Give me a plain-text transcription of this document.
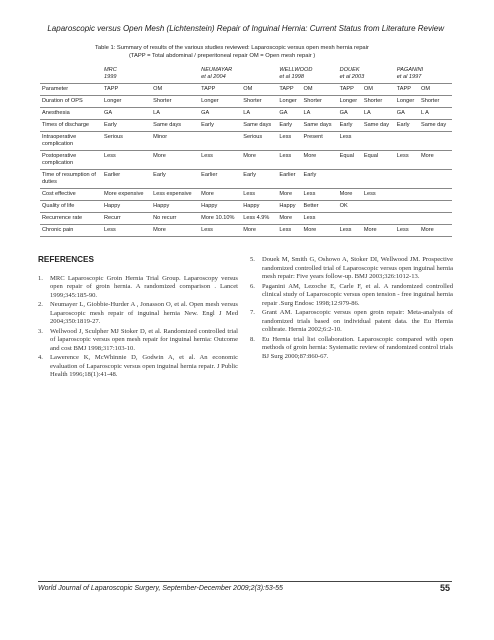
Laparoscopic versus Open Mesh (Lichtenstein) Repair of Inguinal Hernia: Current Status from Literature Review
Table 1: Summary of results of the various studies reviewed: Laparoscopic versus open mesh hernia repair
(TAPP = Total abdominal / preperitoneal repair OM = Open mesh repair )
	MRC
1999		NEUMAYAR
et al 2004		WELLWOOD
et al 1998		DOUEK
et al 2003		PAGANINI
et al 1997	
Parameter	TAPP	OM	TAPP	OM	TAPP	OM	TAPP	OM	TAPP	OM
Duration of OPS	Longer	Shorter	Longer	Shorter	Longer	Shorter	Longer	Shorter	Longer	Shorter
Anesthesia	GA	LA	GA	LA	GA	LA	GA	LA	GA	L A
Times of discharge	Early	Same days	Early	Same days	Early	Same days	Early	Same day	Early	Same day
Intraoperative complication	Serious	Minor		Serious	Less	Present	Less			
Postoperative complication	Less	More	Less	More	Less	More	Equal	Equal	Less	More
Time of resumption of duties	Earlier	Early	Earlier	Early	Earlier	Early				
Cost effective	More expensive	Less expensive	More	Less	More	Less	More	Less		
Quality of life	Happy	Happy	Happy	Happy	Happy	Better	OK			
Recurrence rate	Recurr	No recurr	More 10.10%	Less 4.9%	More	Less				
Chronic pain	Less	More	Less	More	Less	More	Less	More	Less	More
REFERENCES
1.	MRC Laparoscopic Groin Hernia Trial Group. Laparoscopy versus open repair of groin hernia. A randomized comparison . Lancet 1999;345:185-90.
2.	Neumayer L, Giobbie-Hurder A , Jonasson O, et al. Open mesh versus Laparoscopic mesh repair of inguinal hernia New. Engl J Med 2004;350:1819-27.
3.	Wellwood J, Sculpher MJ Stoker D, et al. Randomized controlled trial of laparoscopic versus open mesh repair for inguinal hernia: Outcome and cost BMJ 1998;317:103-10.
4.	Lawerence K, McWhinnie D, Godwin A, et al. An economic evaluation of Laparoscopic versus open inguinal hernia repair. J Public Health 1996;18(1):41-48.
5.	Douek M, Smith G, Oshowo A, Stoker DI, Wellwood JM. Prospective randomized controlled trial of Laparoscopic versus open inguinal hernia mesh repair: Five years follow-up. BMJ 2003;326:1012-13.
6.	Paganini AM, Lezoche E, Carle F, et al. A randomized controlled clinical study of Laparoscopic versus open tension - free inguinal hernia repair .Surg Endosc 1998;12:979-86.
7.	Grant AM. Laparoscopic versus open groin repair: Meta-analysis of randomized trials based on individual patent data. the Eu Hernia colibrate. Hernia 2002;6:2-10.
8.	Eu Hernia trial list collaboration. Laparoscopic compared with open methods of groin hernia: Systematic review of randomized control trials BJ Surg 2000;87:860-67.
World Journal of Laparoscopic Surgery, September-December 2009;2(3):53-55	55
